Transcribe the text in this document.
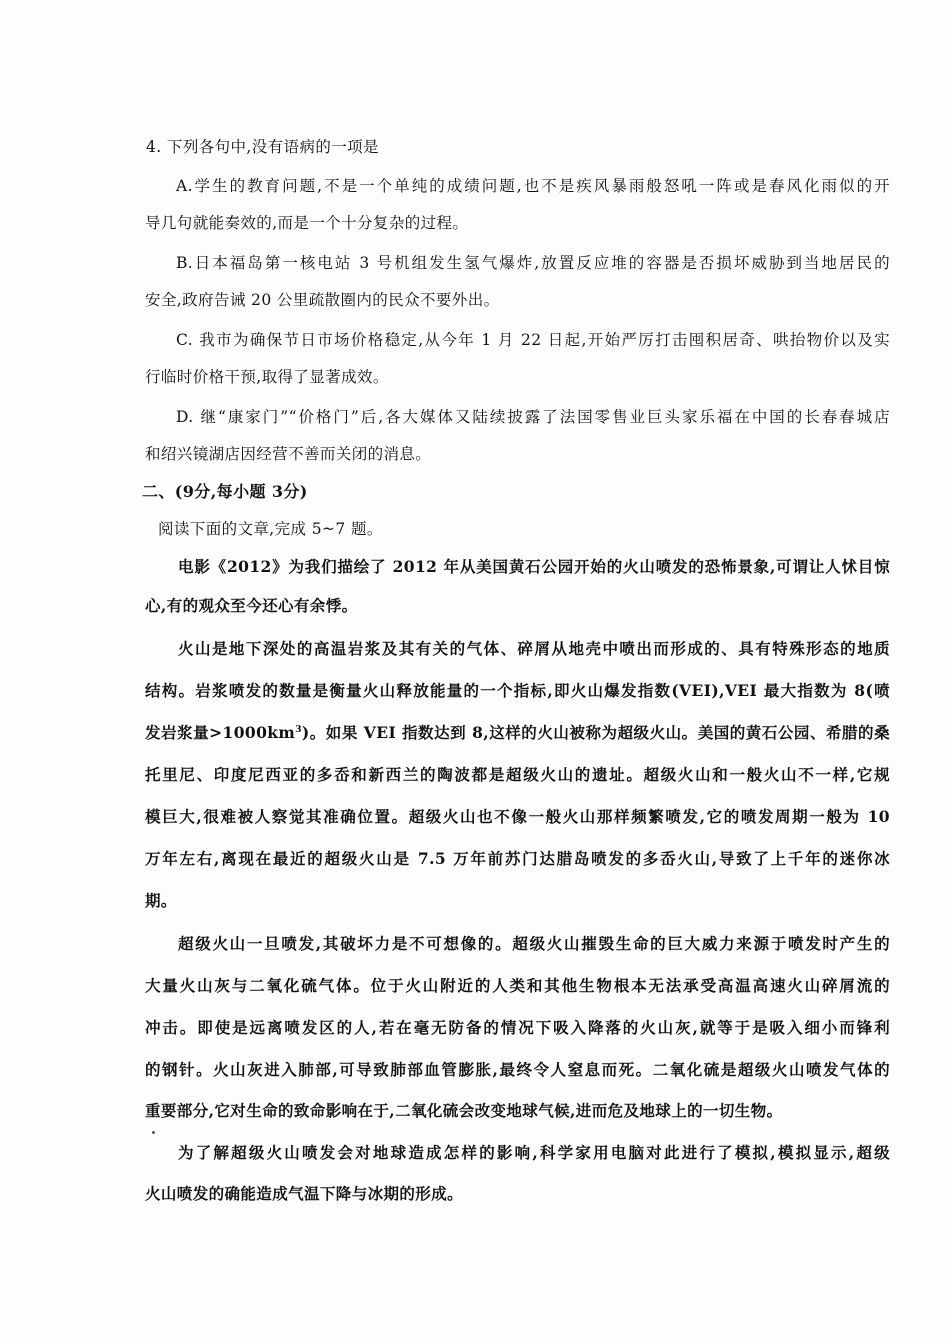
4. 下列各句中,没有语病的一项是
A.学生的教育问题,不是一个单纯的成绩问题,也不是疾风暴雨般怒吼一阵或是春风化雨似的开
导几句就能奏效的,而是一个十分复杂的过程。
B.日本福岛第一核电站 3 号机组发生氢气爆炸,放置反应堆的容器是否损坏威胁到当地居民的
安全,政府告诫 20 公里疏散圈内的民众不要外出。
C. 我市为确保节日市场价格稳定,从今年 1 月 22 日起,开始严厉打击囤积居奇、哄抬物价以及实
行临时价格干预,取得了显著成效。
D. 继“康家门”“价格门”后,各大媒体又陆续披露了法国零售业巨头家乐福在中国的长春春城店
和绍兴镜湖店因经营不善而关闭的消息。
二、(9分,每小题 3分)
阅读下面的文章,完成 5~7 题。
电影《2012》为我们描绘了 2012 年从美国黄石公园开始的火山喷发的恐怖景象,可谓让人怵目惊
心,有的观众至今还心有余悸。
火山是地下深处的高温岩浆及其有关的气体、碎屑从地壳中喷出而形成的、具有特殊形态的地质
结构。岩浆喷发的数量是衡量火山释放能量的一个指标,即火山爆发指数(VEI),VEI 最大指数为 8(喷
发岩浆量$>1000km^3$)。如果 VEI 指数达到 8,这样的火山被称为超级火山。美国的黄石公园、希腊的桑
托里尼、印度尼西亚的多岙和新西兰的陶波都是超级火山的遗址。超级火山和一般火山不一样,它规
模巨大,很难被人察觉其准确位置。超级火山也不像一般火山那样频繁喷发,它的喷发周期一般为 10
万年左右,离现在最近的超级火山是 7.5 万年前苏门达腊岛喷发的多岙火山,导致了上千年的迷你冰
期。
超级火山一旦喷发,其破坏力是不可想像的。超级火山摧毁生命的巨大威力来源于喷发时产生的
大量火山灰与二氧化硫气体。位于火山附近的人类和其他生物根本无法承受高温高速火山碎屑流的
冲击。即使是远离喷发区的人,若在毫无防备的情况下吸入降落的火山灰,就等于是吸入细小而锋利
的钢针。火山灰进入肺部,可导致肺部血管膨胀,最终令人窒息而死。二氧化硫是超级火山喷发气体的
重要部分,它对生命的致命影响在于,二氧化硫会改变地球气候,进而危及地球上的一切生物。
为了解超级火山喷发会对地球造成怎样的影响,科学家用电脑对此进行了模拟,模拟显示,超级
火山喷发的确能造成气温下降与冰期的形成。
